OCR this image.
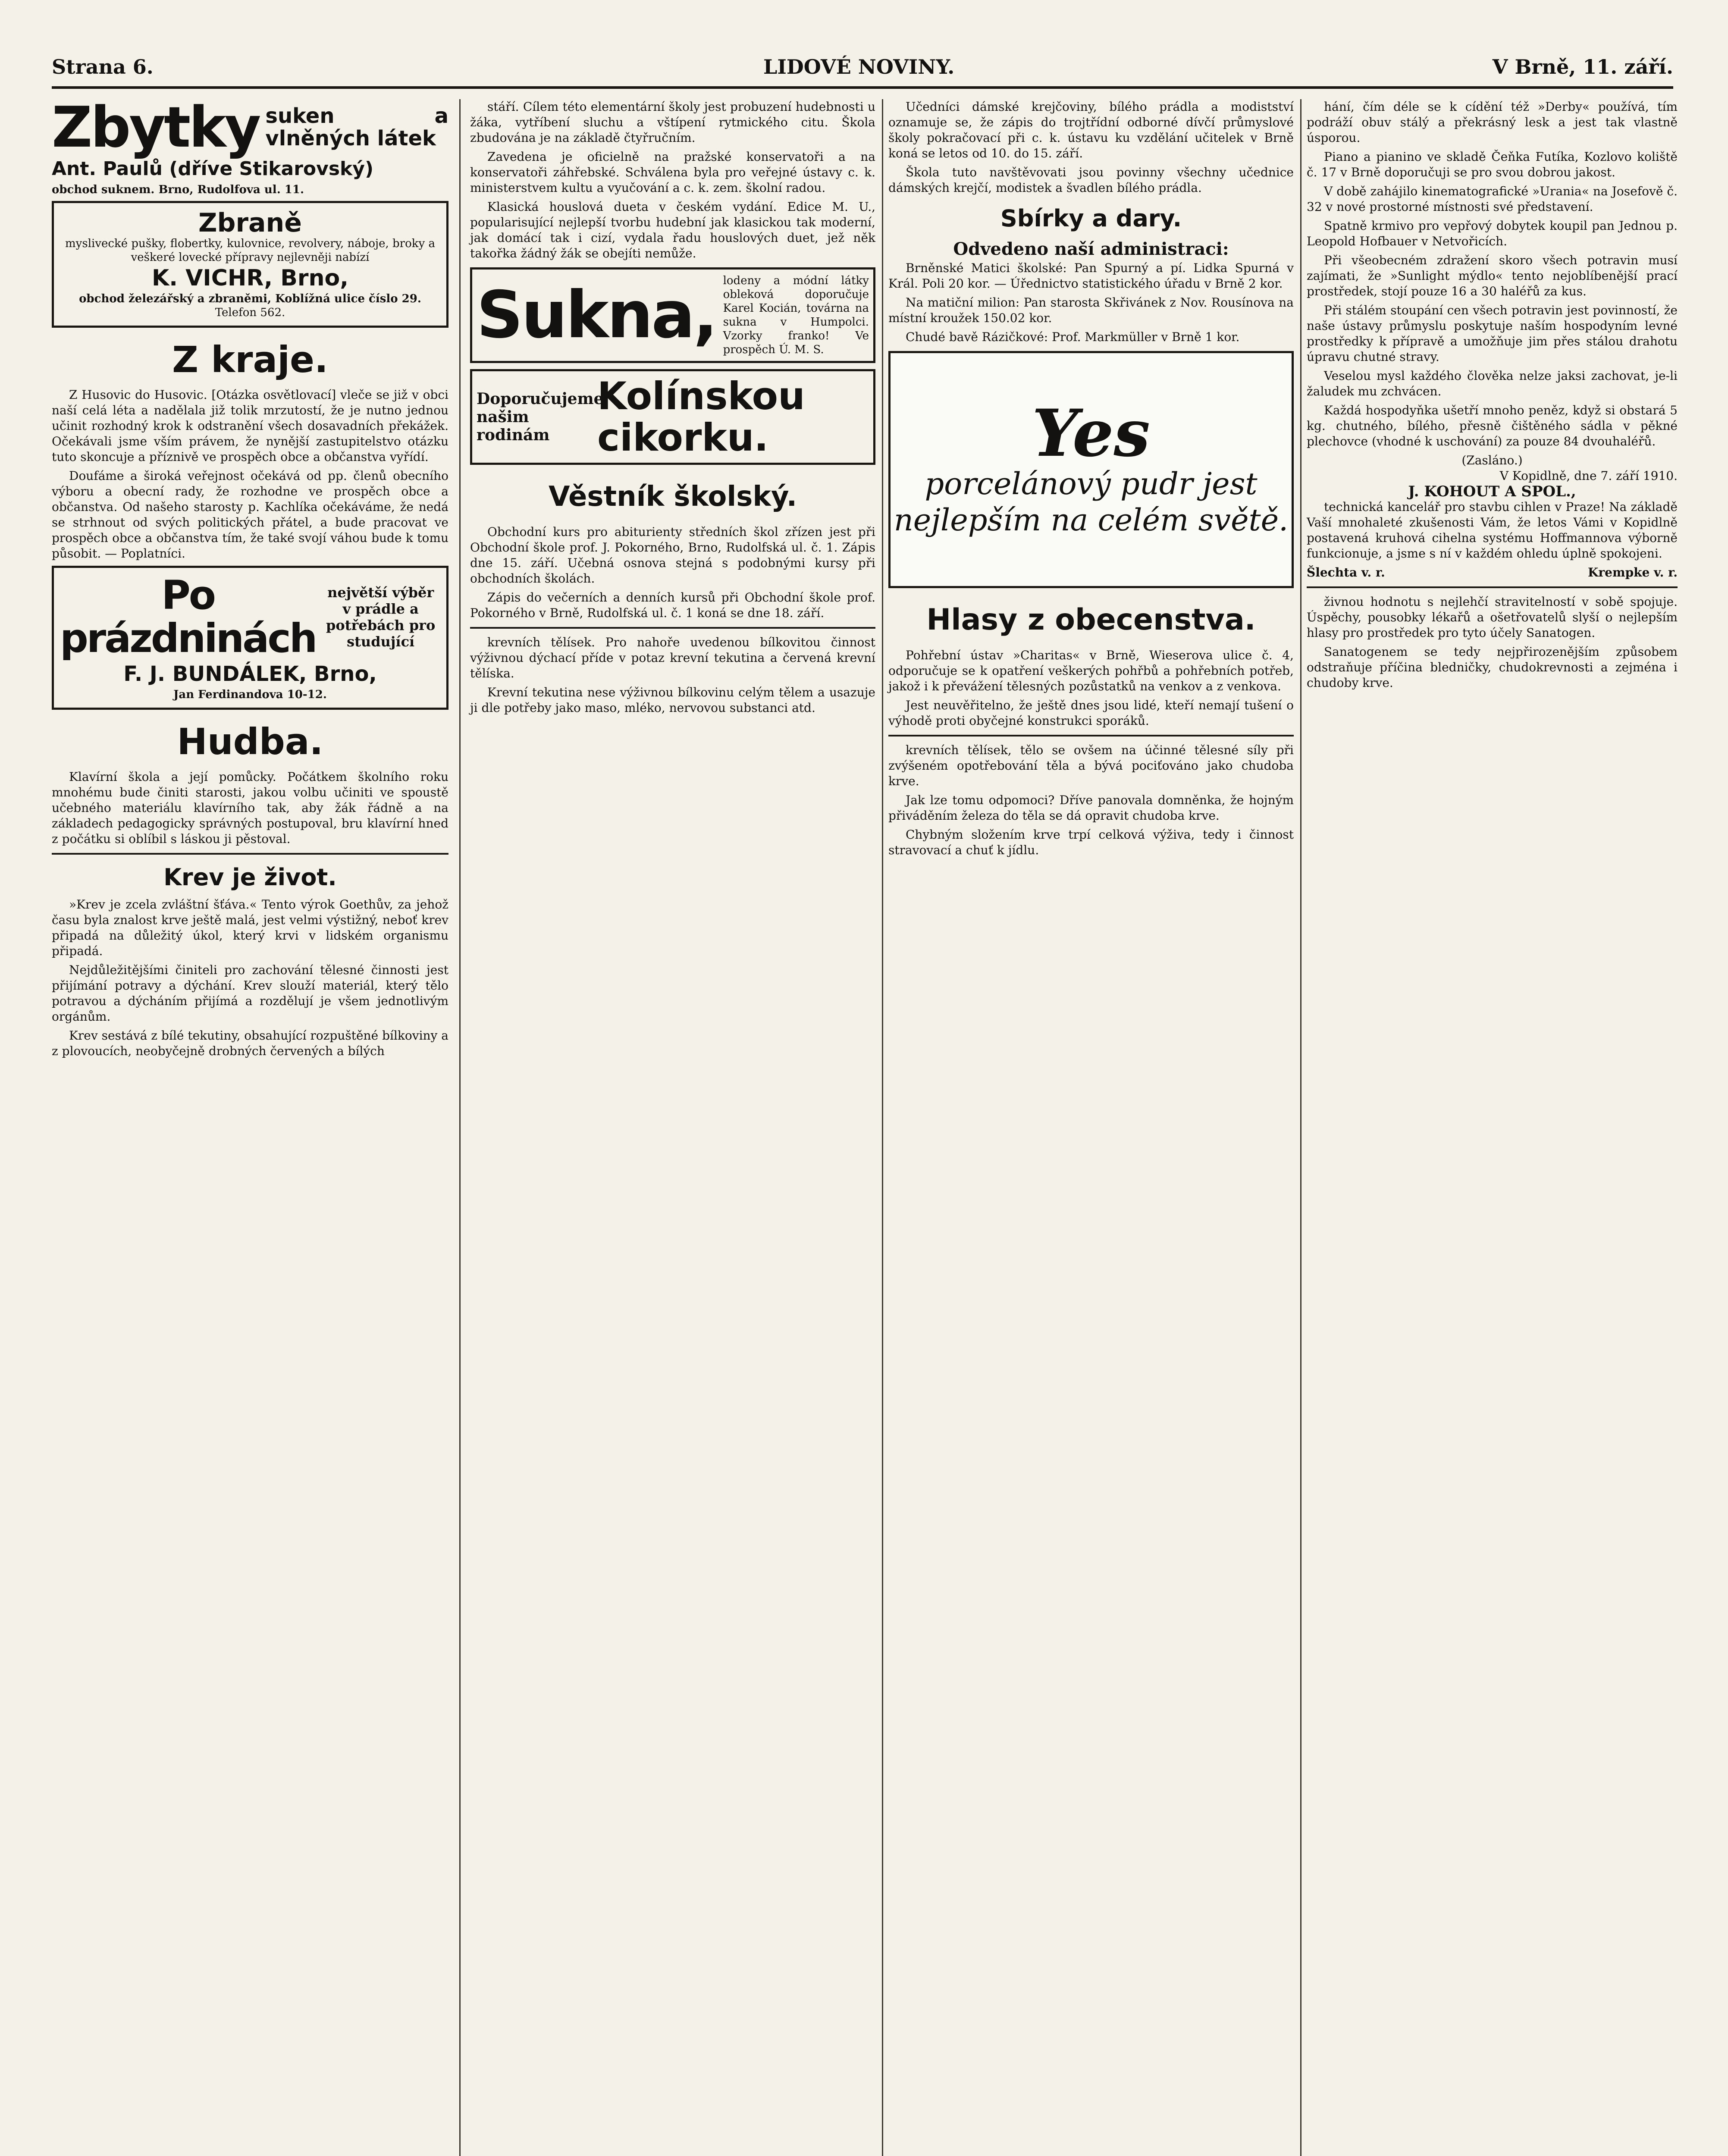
Strana 6.	LIDOVÉ NOVINY.	V Brně, 11. září.
Zbytky suken a vlněných látek
Ant. Paulů (dříve Stikarovský)
obchod suknem. Brno, Rudolfova ul. 11.
Zbraně
myslivecké pušky, flobertky, kulovnice, revolvery, náboje, broky a veškeré lovecké přípravy nejlevněji nabízí
K. VICHR, Brno,
obchod železářský a zbraněmi, Koblížná ulice číslo 29.
Telefon 562.
Z kraje.

Z Husovic do Husovic. [Otázka osvětlovací] vleče se již v obci naší celá léta a nadělala již tolik mrzutostí, že je nutno jednou učinit rozhodný krok k odstranění všech dosavadních překážek. Očekávali jsme vším právem, že nynější zastupitelstvo otázku tuto skoncuje a příznivě ve prospěch obce a občanstva vyřídí.

Doufáme a široká veřejnost očekává od pp. členů obecního výboru a obecní rady, že rozhodne ve prospěch obce a občanstva. Od našeho starosty p. Kachlíka očekáváme, že nedá se strhnout od svých politických přátel, a bude pracovat ve prospěch obce a občanstva tím, že také svojí váhou bude k tomu působit. — Poplatníci.

Po prázdninách
největší výběr v prádle a potřebách pro studující
F. J. BUNDÁLEK, Brno,
Jan Ferdinandova 10-12.
Hudba.

Klavírní škola a její pomůcky. Počátkem školního roku mnohému bude činiti starosti, jakou volbu učiniti ve spoustě učebného materiálu klavírního tak, aby žák řádně a na základech pedagogicky správných postupoval, bru klavírní hned z počátku si oblíbil s láskou ji pěstoval.

Krev je život.

»Krev je zcela zvláštní šťáva.« Tento výrok Goethův, za jehož času byla znalost krve ještě malá, jest velmi výstižný, neboť krev připadá na důležitý úkol, který krvi v lidském organismu připadá.

Nejdůležitějšími činiteli pro zachování tělesné činnosti jest přijímání potravy a dýchání. Krev slouží materiál, který tělo potravou a dýcháním přijímá a rozdělují je všem jednotlivým orgánům.

Krev sestává z bílé tekutiny, obsahující rozpuštěné bílkoviny a z plovoucích, neobyčejně drobných červených a bílých

stáří. Cílem této elementární školy jest probuzení hudebnosti u žáka, vytříbení sluchu a vštípení rytmického citu. Škola zbudována je na základě čtyřručním.

Zavedena je oficielně na pražské konservatoři a na konservatoři záhřebské. Schválena byla pro veřejné ústavy c. k. ministerstvem kultu a vyučování a c. k. zem. školní radou.

Klasická houslová dueta v českém vydání. Edice M. U., popularisující nejlepší tvorbu hudební jak klasickou tak moderní, jak domácí tak i cizí, vydala řadu houslových duet, jež něk takořka žádný žák se obejíti nemůže.

Sukna, lodeny a módní látky obleková doporučuje Karel Kocián, továrna na sukna v Humpolci. Vzorky franko! Ve prospěch Ú. M. S.
Doporučujeme našim rodinám
Kolínskou cikorku.
Věstník školský.

Obchodní kurs pro abiturienty středních škol zřízen jest při Obchodní škole prof. J. Pokorného, Brno, Rudolfská ul. č. 1. Zápis dne 15. září. Učebná osnova stejná s podobnými kursy při obchodních školách.

Zápis do večerních a denních kursů při Obchodní škole prof. Pokorného v Brně, Rudolfská ul. č. 1 koná se dne 18. září.

krevních tělísek. Pro nahoře uvedenou bílkovitou činnost výživnou dýchací příde v potaz krevní tekutina a červená krevní tělíska.

Krevní tekutina nese výživnou bílkovinu celým tělem a usazuje ji dle potřeby jako maso, mléko, nervovou substanci atd.

Učedníci dámské krejčoviny, bílého prádla a modistství oznamuje se, že zápis do trojtřídní odborné dívčí průmyslové školy pokračovací při c. k. ústavu ku vzdělání učitelek v Brně koná se letos od 10. do 15. září.

Škola tuto navštěvovati jsou povinny všechny učednice dámských krejčí, modistek a švadlen bílého prádla.

Sbírky a dary.
Odvedeno naší administraci:

Brněnské Matici školské: Pan Spurný a pí. Lidka Spurná v Král. Poli 20 kor. — Úřednictvo statistického úřadu v Brně 2 kor.

Na matiční milion: Pan starosta Skřivánek z Nov. Rousínova na místní kroužek 150.02 kor.

Chudé bavě Rázičkové: Prof. Markmüller v Brně 1 kor.

Yes
porcelánový pudr jest nejlepším na celém světě.
Hlasy z obecenstva.

Pohřební ústav »Charitas« v Brně, Wieserova ulice č. 4, odporučuje se k opatření veškerých pohřbů a pohřebních potřeb, jakož i k převážení tělesných pozůstatků na venkov a z venkova.

Jest neuvěřitelno, že ještě dnes jsou lidé, kteří nemají tušení o výhodě proti obyčejné konstrukci sporáků.

krevních tělísek, tělo se ovšem na účinné tělesné síly při zvýšeném opotřebování těla a bývá pociťováno jako chudoba krve.

Jak lze tomu odpomoci? Dříve panovala domněnka, že hojným přiváděním železa do těla se dá opravit chudoba krve.

Chybným složením krve trpí celková výživa, tedy i činnost stravovací a chuť k jídlu.

hání, čím déle se k cídění též »Derby« používá, tím podráží obuv stálý a překrásný lesk a jest tak vlastně úsporou.

Piano a pianino ve skladě Čeňka Futíka, Kozlovo koliště č. 17 v Brně doporučuji se pro svou dobrou jakost.

V době zahájilo kinematografické »Urania« na Josefově č. 32 v nové prostorné místnosti své představení.

Spatně krmivo pro vepřový dobytek koupil pan Jednou p. Leopold Hofbauer v Netvořicích.

Při všeobecném zdražení skoro všech potravin musí zajímati, že »Sunlight mýdlo« tento nejoblíbenější prací prostředek, stojí pouze 16 a 30 haléřů za kus.

Při stálém stoupání cen všech potravin jest povinností, že naše ústavy průmyslu poskytuje naším hospodyním levné prostředky k přípravě a umožňuje jim přes stálou drahotu úpravu chutné stravy.

Veselou mysl každého člověka nelze jaksi zachovat, je-li žaludek mu zchvácen.

Každá hospodyňka ušetří mnoho peněz, když si obstará 5 kg. chutného, bílého, přesně čištěného sádla v pěkné plechovce (vhodné k uschování) za pouze 84 dvouhaléřů.

(Zasláno.)
V Kopidlně, dne 7. září 1910.
J. KOHOUT A SPOL.,

technická kancelář pro stavbu cihlen v Praze! Na základě Vaší mnohaleté zkušenosti Vám, že letos Vámi v Kopidlně postavená kruhová cihelna systému Hoffmannova výborně funkcionuje, a jsme s ní v každém ohledu úplně spokojeni.

Šlechta v. r.	Krempke v. r.

živnou hodnotu s nejlehčí stravitelností v sobě spojuje. Úspěchy, pousobky lékařů a ošetřovatelů slyší o nejlepším hlasy pro prostředek pro tyto účely Sanatogen.

Sanatogenem se tedy nejpřirozenějším způsobem odstraňuje příčina bledničky, chudokrevnosti a zejména i chudoby krve.
